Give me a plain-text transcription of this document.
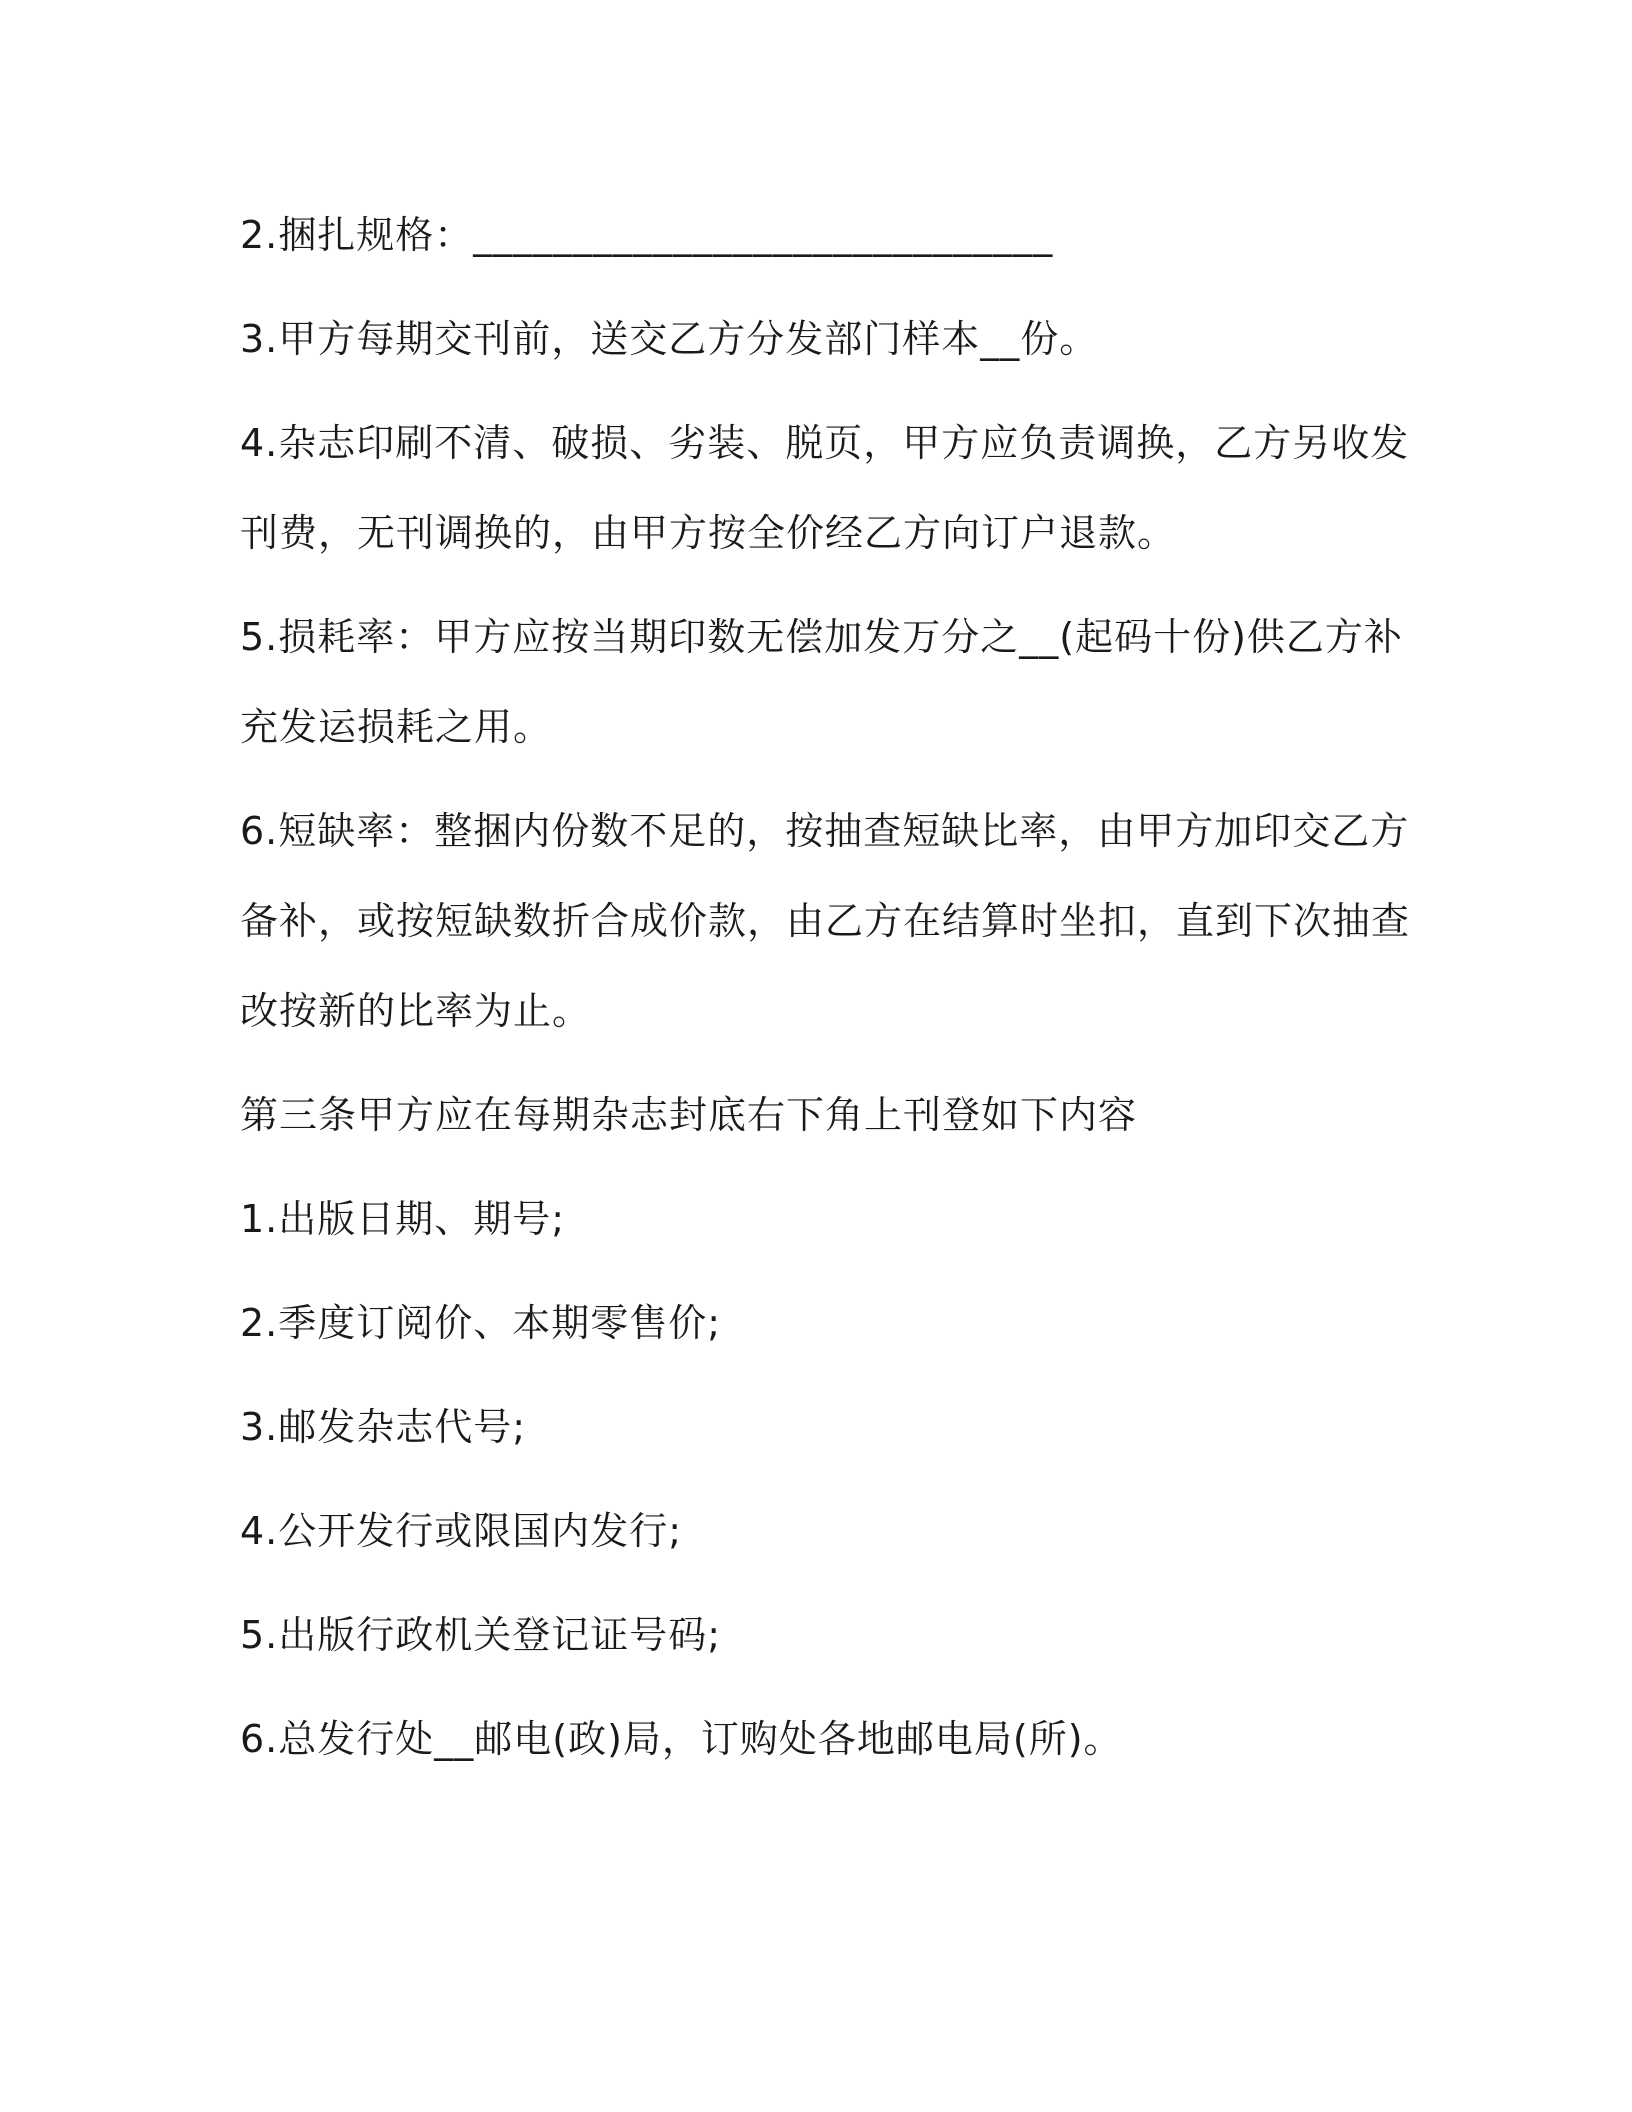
2.捆扎规格：_____________________________

3.甲方每期交刊前，送交乙方分发部门样本__份。

4.杂志印刷不清、破损、劣装、脱页，甲方应负责调换，乙方另收发刊费，无刊调换的，由甲方按全价经乙方向订户退款。

5.损耗率：甲方应按当期印数无偿加发万分之__(起码十份)供乙方补充发运损耗之用。

6.短缺率：整捆内份数不足的，按抽查短缺比率，由甲方加印交乙方备补，或按短缺数折合成价款，由乙方在结算时坐扣，直到下次抽查改按新的比率为止。

第三条甲方应在每期杂志封底右下角上刊登如下内容

1.出版日期、期号;

2.季度订阅价、本期零售价;

3.邮发杂志代号;

4.公开发行或限国内发行;

5.出版行政机关登记证号码;

6.总发行处__邮电(政)局，订购处各地邮电局(所)。
